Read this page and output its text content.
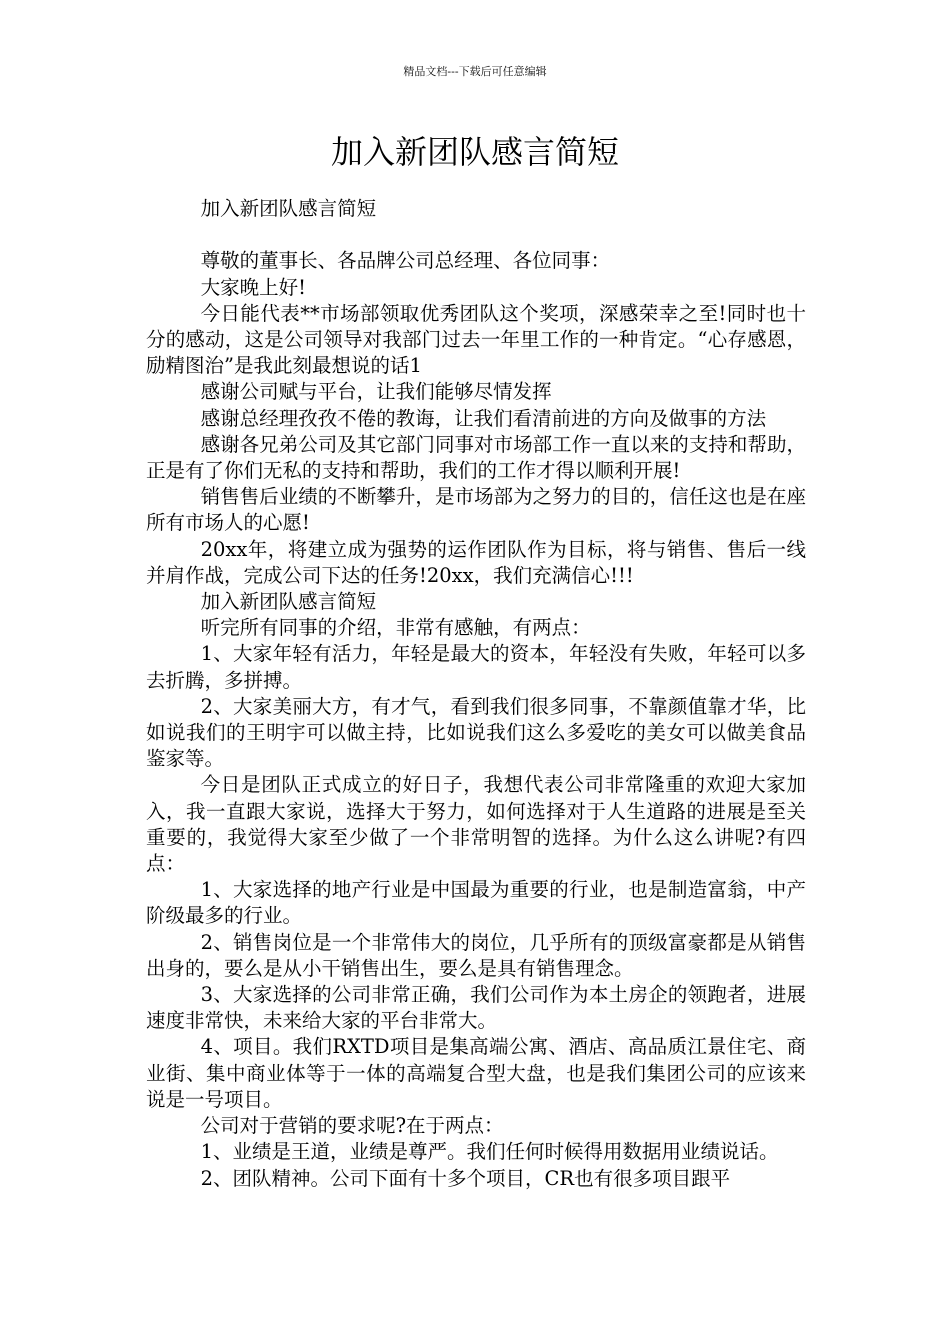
精品文档---下载后可任意编辑
加入新团队感言简短

加入新团队感言简短

尊敬的董事长、各品牌公司总经理、各位同事：

大家晚上好!

今日能代表**市场部领取优秀团队这个奖项，深感荣幸之至!同时也十分的感动，这是公司领导对我部门过去一年里工作的一种肯定。“心存感恩，励精图治”是我此刻最想说的话1

感谢公司赋与平台，让我们能够尽情发挥

感谢总经理孜孜不倦的教诲，让我们看清前进的方向及做事的方法

感谢各兄弟公司及其它部门同事对市场部工作一直以来的支持和帮助，正是有了你们无私的支持和帮助，我们的工作才得以顺利开展!

销售售后业绩的不断攀升，是市场部为之努力的目的，信任这也是在座所有市场人的心愿!

20xx年，将建立成为强势的运作团队作为目标，将与销售、售后一线并肩作战，完成公司下达的任务!20xx，我们充满信心!!!

加入新团队感言简短

听完所有同事的介绍，非常有感触，有两点：

1、大家年轻有活力，年轻是最大的资本，年轻没有失败，年轻可以多去折腾，多拼搏。

2、大家美丽大方，有才气，看到我们很多同事，不靠颜值靠才华，比如说我们的王明宇可以做主持，比如说我们这么多爱吃的美女可以做美食品鉴家等。

今日是团队正式成立的好日子，我想代表公司非常隆重的欢迎大家加入，我一直跟大家说，选择大于努力，如何选择对于人生道路的进展是至关重要的，我觉得大家至少做了一个非常明智的选择。为什么这么讲呢?有四点：

1、大家选择的地产行业是中国最为重要的行业，也是制造富翁，中产阶级最多的行业。

2、销售岗位是一个非常伟大的岗位，几乎所有的顶级富豪都是从销售出身的，要么是从小干销售出生，要么是具有销售理念。

3、大家选择的公司非常正确，我们公司作为本土房企的领跑者，进展速度非常快，未来给大家的平台非常大。

4、项目。我们RXTD项目是集高端公寓、酒店、高品质江景住宅、商业街、集中商业体等于一体的高端复合型大盘，也是我们集团公司的应该来说是一号项目。

公司对于营销的要求呢?在于两点：

1、业绩是王道，业绩是尊严。我们任何时候得用数据用业绩说话。

2、团队精神。公司下面有十多个项目，CR也有很多项目跟平
